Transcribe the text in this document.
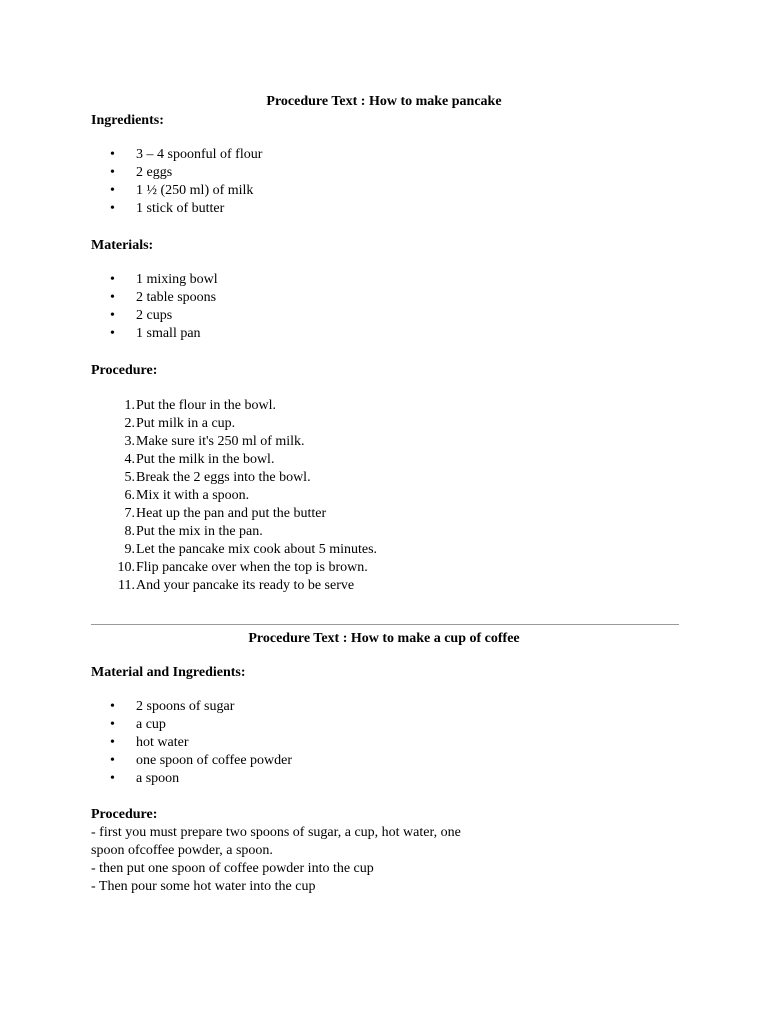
Procedure Text : How to make pancake
Ingredients:
•	3 – 4 spoonful of flour
•	2 eggs
•	1 ½ (250 ml) of milk
•	1 stick of butter
Materials:
•	1 mixing bowl
•	2 table spoons
•	2 cups
•	1 small pan
Procedure:
1. Put the flour in the bowl.
2. Put milk in a cup.
3. Make sure it's 250 ml of milk.
4. Put the milk in the bowl.
5. Break the 2 eggs into the bowl.
6. Mix it with a spoon.
7. Heat up the pan and put the butter
8. Put the mix in the pan.
9. Let the pancake mix cook about 5 minutes.
10. Flip pancake over when the top is brown.
11. And your pancake its ready to be serve
Procedure Text : How to make a cup of coffee
Material and Ingredients:
•	2 spoons of sugar
•	a cup
•	hot water
•	one spoon of coffee powder
•	a spoon
Procedure:
- first you must prepare two spoons of sugar, a cup, hot water, one
spoon ofcoffee powder, a spoon.
- then put one spoon of coffee powder into the cup
- Then pour some hot water into the cup
